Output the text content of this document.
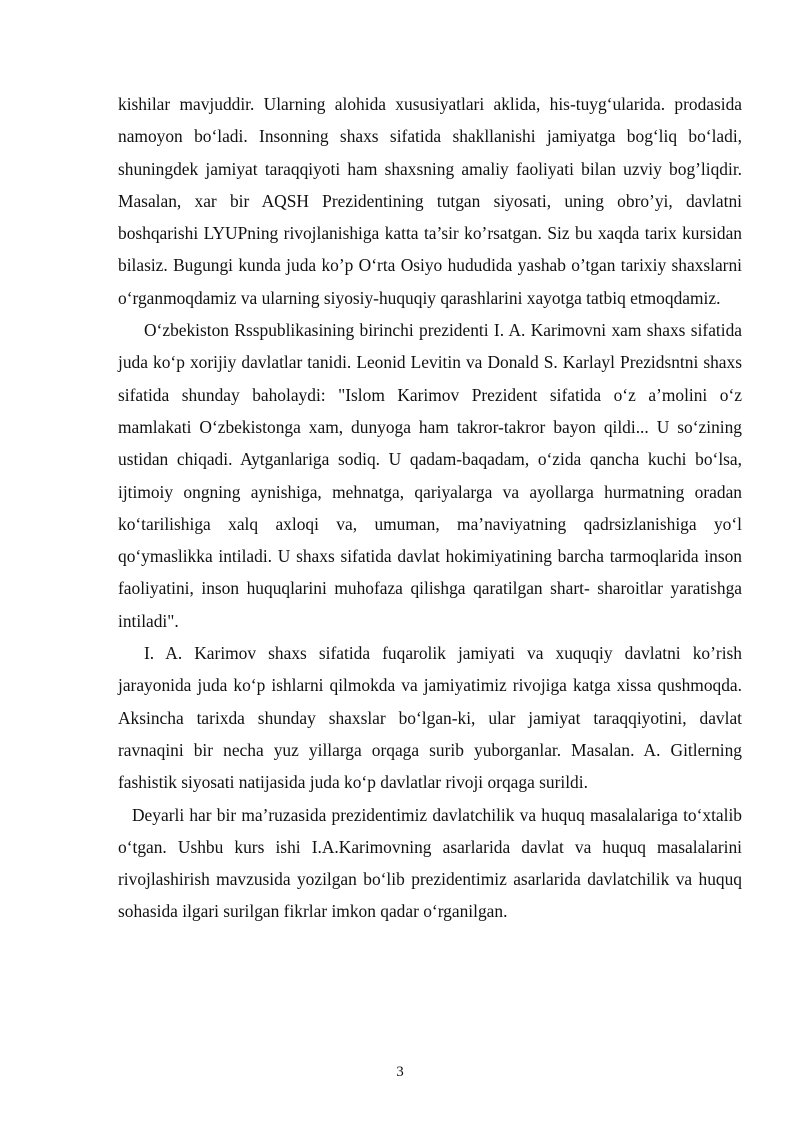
kishilar mavjuddir. Ularning alohida xususiyatlari aklida, his-tuyg‘ularida. prodasida namoyon bo‘ladi. Insonning shaxs sifatida shakllanishi jamiyatga bog‘liq bo‘ladi, shuningdek jamiyat taraqqiyoti ham shaxsning amaliy faoliyati bilan uzviy bog’liqdir. Masalan, xar bir AQSH Prezidentining tutgan siyosati, uning obro’yi, davlatni boshqarishi LYUPning rivojlanishiga katta ta’sir ko’rsatgan. Siz bu xaqda tarix kursidan bilasiz. Bugungi kunda juda ko’p O‘rta Osiyo hududida yashab o’tgan tarixiy shaxslarni o‘rganmoqdamiz va ularning siyosiy-huquqiy qarashlarini xayotga tatbiq etmoqdamiz.

O‘zbekiston Rsspublikasining birinchi prezidenti I. A. Karimovni xam shaxs sifatida juda ko‘p xorijiy davlatlar tanidi. Leonid Levitin va Donald S. Karlayl Prezidsntni shaxs sifatida shunday baholaydi: "Islom Karimov Prezident sifatida o‘z a’molini o‘z mamlakati O‘zbekistonga xam, dunyoga ham takror-takror bayon qildi... U so‘zining ustidan chiqadi. Aytganlariga sodiq. U qadam-baqadam, o‘zida qancha kuchi bo‘lsa, ijtimoiy ongning aynishiga, mehnatga, qariyalarga va ayollarga hurmatning oradan ko‘tarilishiga xalq axloqi va, umuman, ma’naviyatning qadrsizlanishiga yo‘l qo‘ymaslikka intiladi. U shaxs sifatida davlat hokimiyatining barcha tarmoqlarida inson faoliyatini, inson huquqlarini muhofaza qilishga qaratilgan shart- sharoitlar yaratishga intiladi".

I. A. Karimov shaxs sifatida fuqarolik jamiyati va xuquqiy davlatni ko’rish jarayonida juda ko‘p ishlarni qilmokda va jamiyatimiz rivojiga katga xissa qushmoqda. Aksincha tarixda shunday shaxslar bo‘lgan-ki, ular jamiyat taraqqiyotini, davlat ravnaqini bir necha yuz yillarga orqaga surib yuborganlar. Masalan. A. Gitlerning fashistik siyosati natijasida juda ko‘p davlatlar rivoji orqaga surildi.

Deyarli har bir ma’ruzasida prezidentimiz davlatchilik va huquq masalalariga to‘xtalib o‘tgan. Ushbu kurs ishi I.A.Karimovning asarlarida davlat va huquq masalalarini rivojlashirish mavzusida yozilgan bo‘lib prezidentimiz asarlarida davlatchilik va huquq sohasida ilgari surilgan fikrlar imkon qadar o‘rganilgan.

3
